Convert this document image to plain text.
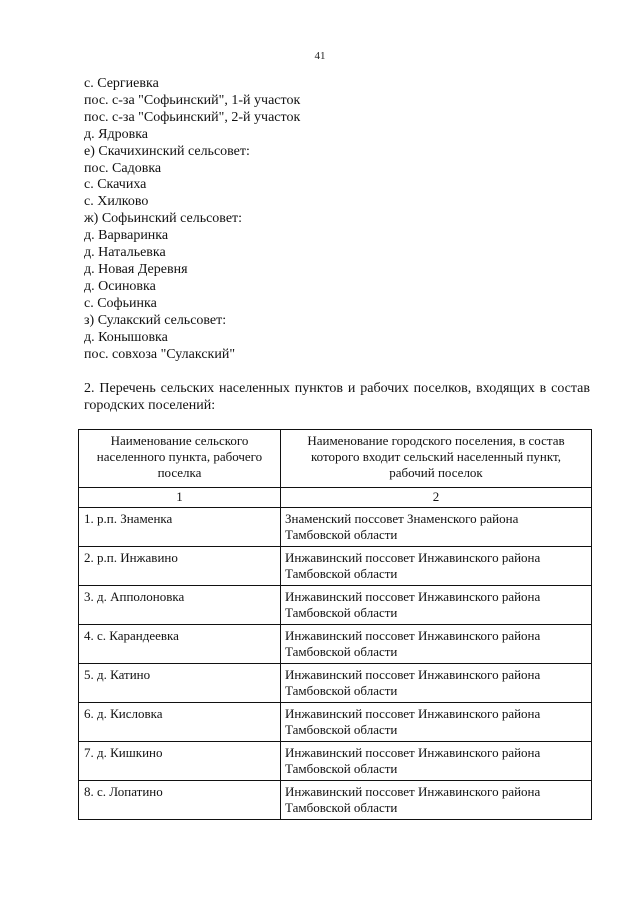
41
с. Сергиевка
пос. с-за "Софьинский", 1-й участок
пос. с-за "Софьинский", 2-й участок
д. Ядровка
е) Скачихинский сельсовет:
пос. Садовка
с. Скачиха
с. Хилково
ж) Софьинский сельсовет:
д. Варваринка
д. Натальевка
д. Новая Деревня
д. Осиновка
с. Софьинка
з) Сулакский сельсовет:
д. Конышовка
пос. совхоза "Сулакский"

2. Перечень сельских населенных пунктов и рабочих поселков, входящих в состав городских поселений:

Наименование сельского населенного пункта, рабочего поселка	Наименование городского поселения, в состав которого входит сельский населенный пункт, рабочий поселок
1	2
1. р.п. Знаменка	Знаменский поссовет Знаменского района Тамбовской области
2. р.п. Инжавино	Инжавинский поссовет Инжавинского района Тамбовской области
3. д. Апполоновка	Инжавинский поссовет Инжавинского района Тамбовской области
4. с. Карандеевка	Инжавинский поссовет Инжавинского района Тамбовской области
5. д. Катино	Инжавинский поссовет Инжавинского района Тамбовской области
6. д. Кисловка	Инжавинский поссовет Инжавинского района Тамбовской области
7. д. Кишкино	Инжавинский поссовет Инжавинского района Тамбовской области
8. с. Лопатино	Инжавинский поссовет Инжавинского района Тамбовской области
